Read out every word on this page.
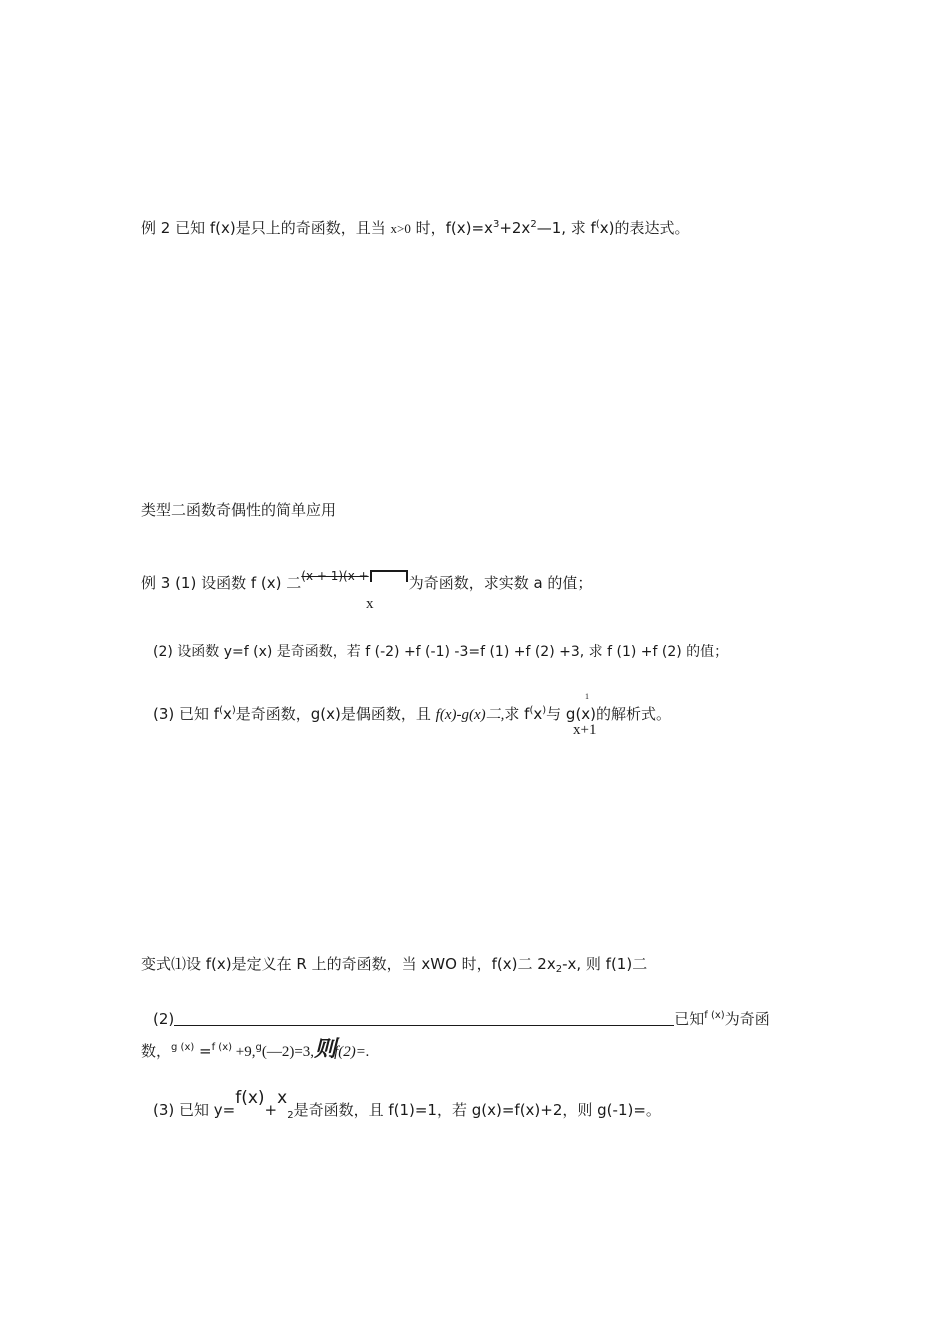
例 2 已知 f(x)是只上的奇函数，且当 x>0 时，$f(x)=x^3+2x^2—1$, 求 f(x)的表达式。
类型二函数奇偶性的简单应用
例 3 (1) 设函数 f (x) 二$^{(x + 1)(x +}$	为奇函数，求实数 a 的值；
x
(2) 设函数 y=f (x) 是奇函数，若 f (-2) +f (-1) -3=f (1) +f (2) +3, 求 f (1) +f (2) 的值；
(3) 已知 f(x)是奇函数，g(x)是偶函数，且 f(x)-g(x)二,求 f(x)与 g(x)的解析式。
1
x+1
变式⑴设 f(x)是定义在 R 上的奇函数，当 xWO 时，f(x)二 $2x_2-x$, 则 f(1)二
(2)	已知$^{f (x)}$为奇函
数，$^{g (x)}$ =$^{f (x)}$ +9,$^g$(—2)=3,则f(2)=.
(3) 已知 $y=f(x)+x_2$是奇函数，且 f(1)=1，若 g(x)=f(x)+2，则 g(-1)=。
